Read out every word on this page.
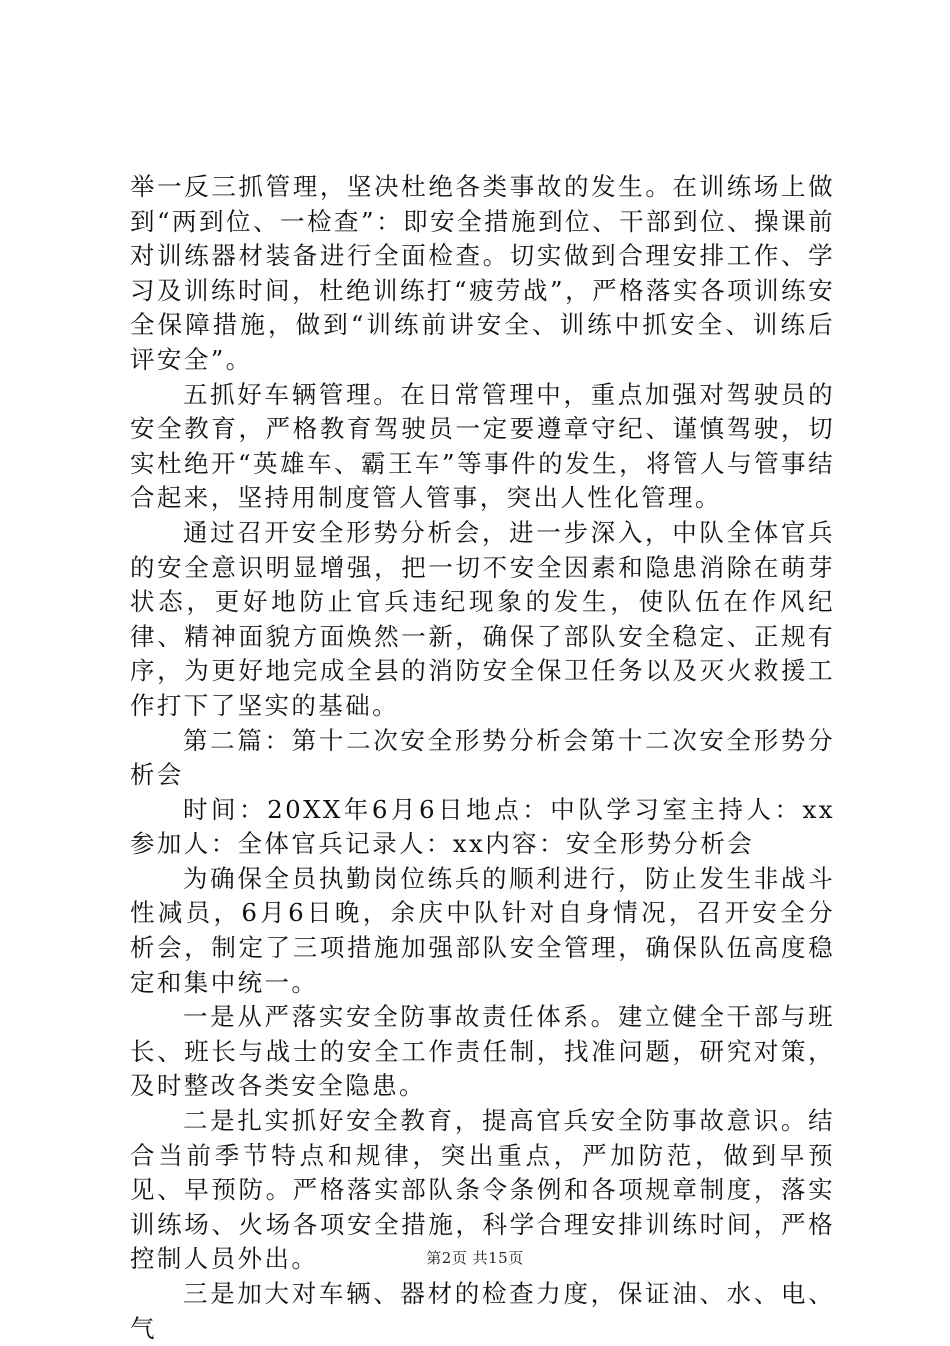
举一反三抓管理，坚决杜绝各类事故的发生。在训练场上做到“两到位、一检查”：即安全措施到位、干部到位、操课前对训练器材装备进行全面检查。切实做到合理安排工作、学习及训练时间，杜绝训练打“疲劳战”，严格落实各项训练安全保障措施，做到“训练前讲安全、训练中抓安全、训练后评安全”。

五抓好车辆管理。在日常管理中，重点加强对驾驶员的安全教育，严格教育驾驶员一定要遵章守纪、谨慎驾驶，切实杜绝开“英雄车、霸王车”等事件的发生，将管人与管事结合起来，坚持用制度管人管事，突出人性化管理。

通过召开安全形势分析会，进一步深入，中队全体官兵的安全意识明显增强，把一切不安全因素和隐患消除在萌芽状态，更好地防止官兵违纪现象的发生，使队伍在作风纪律、精神面貌方面焕然一新，确保了部队安全稳定、正规有序，为更好地完成全县的消防安全保卫任务以及灭火救援工作打下了坚实的基础。

第二篇：第十二次安全形势分析会第十二次安全形势分析会

时间：20XX年6月6日地点：中队学习室主持人：xx参加人：全体官兵记录人：xx内容：安全形势分析会

为确保全员执勤岗位练兵的顺利进行，防止发生非战斗性减员，6月6日晚，余庆中队针对自身情况，召开安全分析会，制定了三项措施加强部队安全管理，确保队伍高度稳定和集中统一。

一是从严落实安全防事故责任体系。建立健全干部与班长、班长与战士的安全工作责任制，找准问题，研究对策，及时整改各类安全隐患。

二是扎实抓好安全教育，提高官兵安全防事故意识。结合当前季节特点和规律，突出重点，严加防范，做到早预见、早预防。严格落实部队条令条例和各项规章制度，落实训练场、火场各项安全措施，科学合理安排训练时间，严格控制人员外出。

三是加大对车辆、器材的检查力度，保证油、水、电、气

第2页 共15页
